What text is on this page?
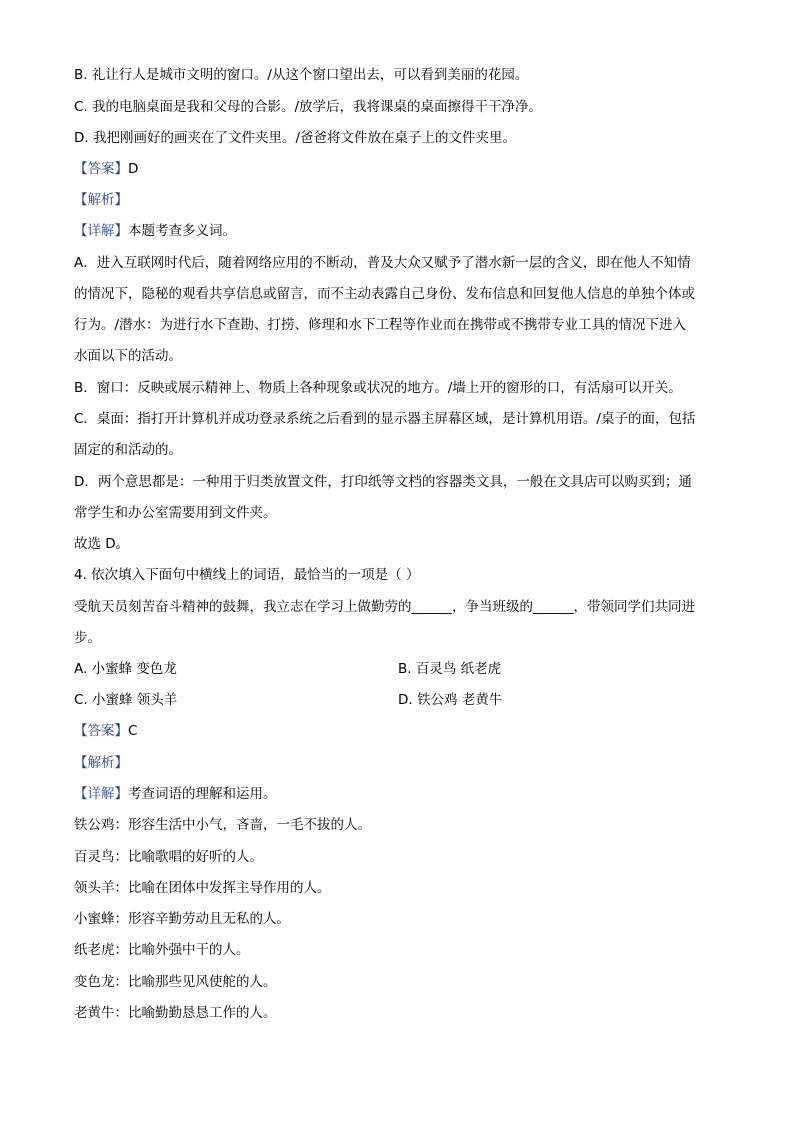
B. 礼让行人是城市文明的窗口。/从这个窗口望出去，可以看到美丽的花园。
C. 我的电脑桌面是我和父母的合影。/放学后，我将课桌的桌面擦得干干净净。
D. 我把刚画好的画夹在了文件夹里。/爸爸将文件放在桌子上的文件夹里。
【答案】D
【解析】
【详解】本题考查多义词。
A．进入互联网时代后，随着网络应用的不断动，普及大众又赋予了潜水新一层的含义，即在他人不知情
的情况下，隐秘的观看共享信息或留言，而不主动表露自己身份、发布信息和回复他人信息的单独个体或
行为。/潜水：为进行水下查勘、打捞、修理和水下工程等作业而在携带或不携带专业工具的情况下进入
水面以下的活动。
B．窗口：反映或展示精神上、物质上各种现象或状况的地方。/墙上开的窗形的口，有活扇可以开关。
C．桌面：指打开计算机并成功登录系统之后看到的显示器主屏幕区域，是计算机用语。/桌子的面，包括
固定的和活动的。
D．两个意思都是：一种用于归类放置文件，打印纸等文档的容器类文具，一般在文具店可以购买到；通
常学生和办公室需要用到文件夹。
故选 D。
4. 依次填入下面句中横线上的词语，最恰当的一项是（ ）
受航天员刻苦奋斗精神的鼓舞，我立志在学习上做勤劳的______，争当班级的______，带领同学们共同进
步。
A. 小蜜蜂 变色龙	B. 百灵鸟 纸老虎
C. 小蜜蜂 领头羊	D. 铁公鸡 老黄牛
【答案】C
【解析】
【详解】考查词语的理解和运用。
铁公鸡：形容生活中小气，吝啬，一毛不拔的人。
百灵鸟：比喻歌唱的好听的人。
领头羊：比喻在团体中发挥主导作用的人。
小蜜蜂：形容辛勤劳动且无私的人。
纸老虎：比喻外强中干的人。
变色龙：比喻那些见风使舵的人。
老黄牛：比喻勤勤恳恳工作的人。
